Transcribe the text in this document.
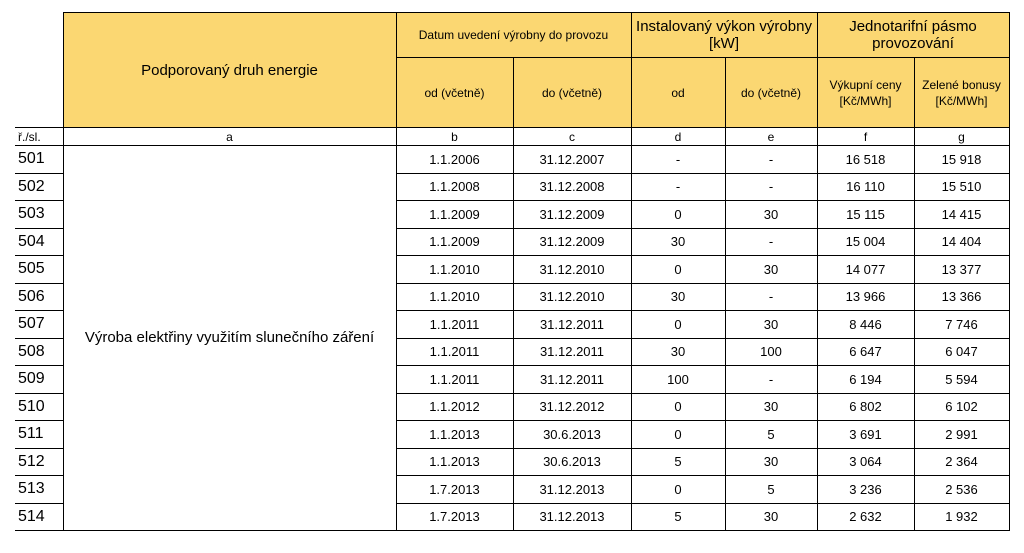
	Podporovaný druh energie	Datum uvedení výrobny do provozu		Instalovaný výkon výrobny [kW]		Jednotarifní pásmo provozování	
		od (včetně)	do (včetně)	od	do (včetně)	Výkupní ceny [Kč/MWh]	Zelené bonusy [Kč/MWh]
ř./sl.	a	b	c	d	e	f	g
501	Výroba elektřiny využitím slunečního záření	1.1.2006	31.12.2007	-	-	16 518	15 918
502		1.1.2008	31.12.2008	-	-	16 110	15 510
503		1.1.2009	31.12.2009	0	30	15 115	14 415
504		1.1.2009	31.12.2009	30	-	15 004	14 404
505		1.1.2010	31.12.2010	0	30	14 077	13 377
506		1.1.2010	31.12.2010	30	-	13 966	13 366
507		1.1.2011	31.12.2011	0	30	8 446	7 746
508		1.1.2011	31.12.2011	30	100	6 647	6 047
509		1.1.2011	31.12.2011	100	-	6 194	5 594
510		1.1.2012	31.12.2012	0	30	6 802	6 102
511		1.1.2013	30.6.2013	0	5	3 691	2 991
512		1.1.2013	30.6.2013	5	30	3 064	2 364
513		1.7.2013	31.12.2013	0	5	3 236	2 536
514		1.7.2013	31.12.2013	5	30	2 632	1 932
